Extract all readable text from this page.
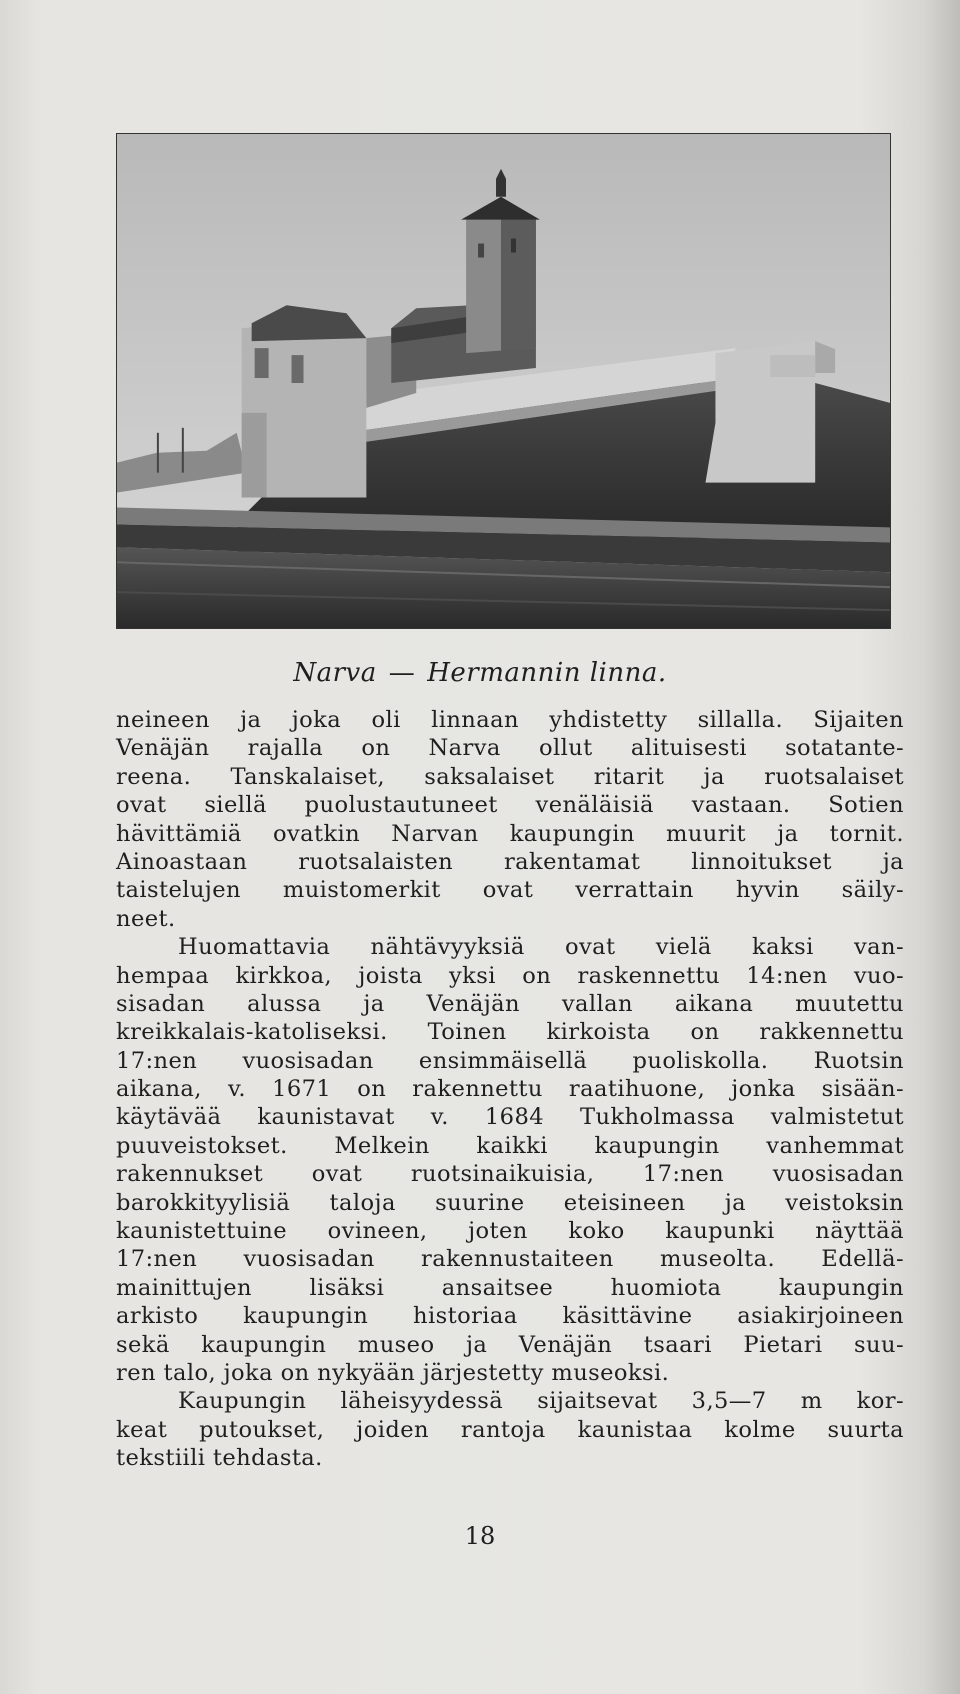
Narva — Hermannin linna.
neineen ja joka oli linnaan yhdistetty sillalla. Sijaiten
Venäjän rajalla on Narva ollut alituisesti sotatante-
reena. Tanskalaiset, saksalaiset ritarit ja ruotsalaiset
ovat siellä puolustautuneet venäläisiä vastaan. Sotien
hävittämiä ovatkin Narvan kaupungin muurit ja tornit.
Ainoastaan ruotsalaisten rakentamat linnoitukset ja
taistelujen muistomerkit ovat verrattain hyvin säily-
neet.
Huomattavia nähtävyyksiä ovat vielä kaksi van-
hempaa kirkkoa, joista yksi on raskennettu 14:nen vuo-
sisadan alussa ja Venäjän vallan aikana muutettu
kreikkalais-katoliseksi. Toinen kirkoista on rakkennettu
17:nen vuosisadan ensimmäisellä puoliskolla. Ruotsin
aikana, v. 1671 on rakennettu raatihuone, jonka sisään-
käytävää kaunistavat v. 1684 Tukholmassa valmistetut
puuveistokset. Melkein kaikki kaupungin vanhemmat
rakennukset ovat ruotsinaikuisia, 17:nen vuosisadan
barokkityylisiä taloja suurine eteisineen ja veistoksin
kaunistettuine ovineen, joten koko kaupunki näyttää
17:nen vuosisadan rakennustaiteen museolta. Edellä-
mainittujen lisäksi ansaitsee huomiota kaupungin
arkisto kaupungin historiaa käsittävine asiakirjoineen
sekä kaupungin museo ja Venäjän tsaari Pietari suu-
ren talo, joka on nykyään järjestetty museoksi.
Kaupungin läheisyydessä sijaitsevat 3,5—7 m kor-
keat putoukset, joiden rantoja kaunistaa kolme suurta
tekstiili tehdasta.
18
